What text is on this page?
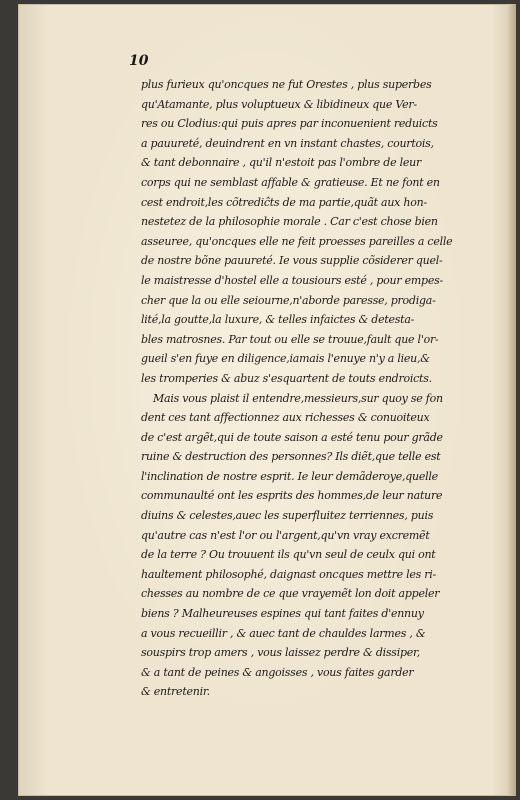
10
plus furieux qu'oncques ne fut Orestes , plus superbes
qu'Atamante, plus voluptueux & libidineux que Ver-
res ou Clodius:qui puis apres par inconuenient reduicts
a pauureté, deuindrent en vn instant chastes, courtois,
& tant debonnaire , qu'il n'estoit pas l'ombre de leur
corps qui ne semblast affable & gratieuse. Et ne font en
cest endroit,les cõtrediĉts de ma partie,quãt aux hon-
nestetez de la philosophie morale . Car c'est chose bien
asseuree, qu'oncques elle ne feit proesses pareilles a celle
de nostre bõne pauureté. Ie vous supplie cõsiderer quel-
le maistresse d'hostel elle a tousiours esté , pour empes-
cher que la ou elle seiourne,n'aborde paresse, prodiga-
lité,la goutte,la luxure, & telles infaictes & detesta-
bles matrosnes. Par tout ou elle se trouue,fault que l'or-
gueil s'en fuye en diligence,iamais l'enuye n'y a lieu,&
les tromperies & abuz s'esquartent de touts endroicts.
Mais vous plaist il entendre,messieurs,sur quoy se fon
dent ces tant affectionnez aux richesses & conuoiteux
de c'est argẽt,qui de toute saison a esté tenu pour grãde
ruine & destruction des personnes? Ils diẽt,que telle est
l'inclination de nostre esprit. Ie leur demãderoye,quelle
communaulté ont les esprits des hommes,de leur nature
diuins & celestes,auec les superfluitez terriennes, puis
qu'autre cas n'est l'or ou l'argent,qu'vn vray excremẽt
de la terre ? Ou trouuent ils qu'vn seul de ceulx qui ont
haultement philosophé, daignast oncques mettre les ri-
chesses au nombre de ce que vrayemẽt lon doit appeler
biens ? Malheureuses espines qui tant faites d'ennuy
a vous recueillir , & auec tant de chauldes larmes , &
souspirs trop amers , vous laissez perdre & dissiper,
& a tant de peines & angoisses , vous faites garder
& entretenir.
